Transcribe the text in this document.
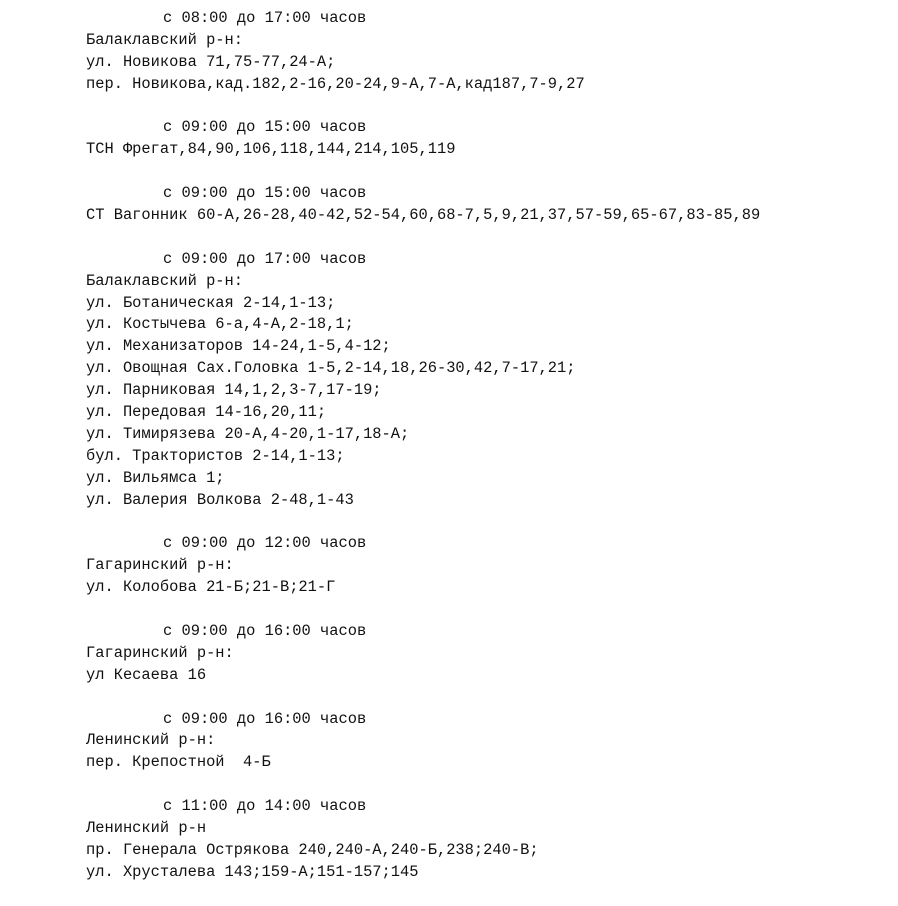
с 08:00 до 17:00 часов
Балаклавский р-н:
ул. Новикова 71,75-77,24-А;
пер. Новикова,кад.182,2-16,20-24,9-А,7-А,кад187,7-9,27
с 09:00 до 15:00 часов
ТСН Фрегат,84,90,106,118,144,214,105,119
с 09:00 до 15:00 часов
СТ Вагонник 60-А,26-28,40-42,52-54,60,68-7,5,9,21,37,57-59,65-67,83-85,89
с 09:00 до 17:00 часов
Балаклавский р-н:
ул. Ботаническая 2-14,1-13;
ул. Костычева 6-а,4-А,2-18,1;
ул. Механизаторов 14-24,1-5,4-12;
ул. Овощная Сах.Головка 1-5,2-14,18,26-30,42,7-17,21;
ул. Парниковая 14,1,2,3-7,17-19;
ул. Передовая 14-16,20,11;
ул. Тимирязева 20-А,4-20,1-17,18-А;
бул. Трактористов 2-14,1-13;
ул. Вильямса 1;
ул. Валерия Волкова 2-48,1-43
с 09:00 до 12:00 часов
Гагаринский р-н:
ул. Колобова 21-Б;21-В;21-Г
с 09:00 до 16:00 часов
Гагаринский р-н:
ул Кесаева 16
с 09:00 до 16:00 часов
Ленинский р-н:
пер. Крепостной  4-Б
с 11:00 до 14:00 часов
Ленинский р-н
пр. Генерала Острякова 240,240-А,240-Б,238;240-В;
ул. Хрусталева 143;159-А;151-157;145
